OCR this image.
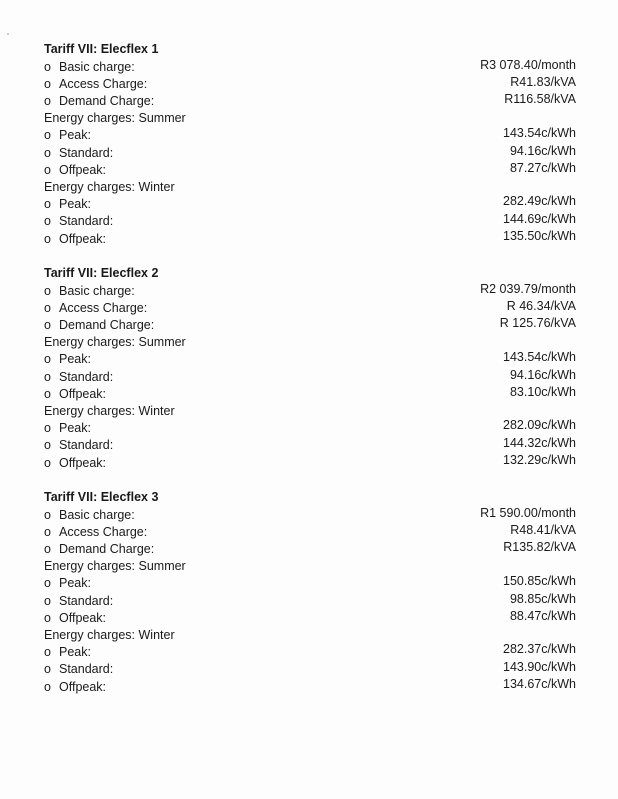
Tariff VII: Elecflex 1
o Basic charge:	R3 078.40/month
o Access Charge:	R41.83/kVA
o Demand Charge:	R116.58/kVA
Energy charges: Summer
o Peak:	143.54c/kWh
o Standard:	94.16c/kWh
o Offpeak:	87.27c/kWh
Energy charges: Winter
o Peak:	282.49c/kWh
o Standard:	144.69c/kWh
o Offpeak:	135.50c/kWh
Tariff VII: Elecflex 2
o Basic charge:	R2 039.79/month
o Access Charge:	R 46.34/kVA
o Demand Charge:	R 125.76/kVA
Energy charges: Summer
o Peak:	143.54c/kWh
o Standard:	94.16c/kWh
o Offpeak:	83.10c/kWh
Energy charges: Winter
o Peak:	282.09c/kWh
o Standard:	144.32c/kWh
o Offpeak:	132.29c/kWh
Tariff VII: Elecflex 3
o Basic charge:	R1 590.00/month
o Access Charge:	R48.41/kVA
o Demand Charge:	R135.82/kVA
Energy charges: Summer
o Peak:	150.85c/kWh
o Standard:	98.85c/kWh
o Offpeak:	88.47c/kWh
Energy charges: Winter
o Peak:	282.37c/kWh
o Standard:	143.90c/kWh
o Offpeak:	134.67c/kWh
